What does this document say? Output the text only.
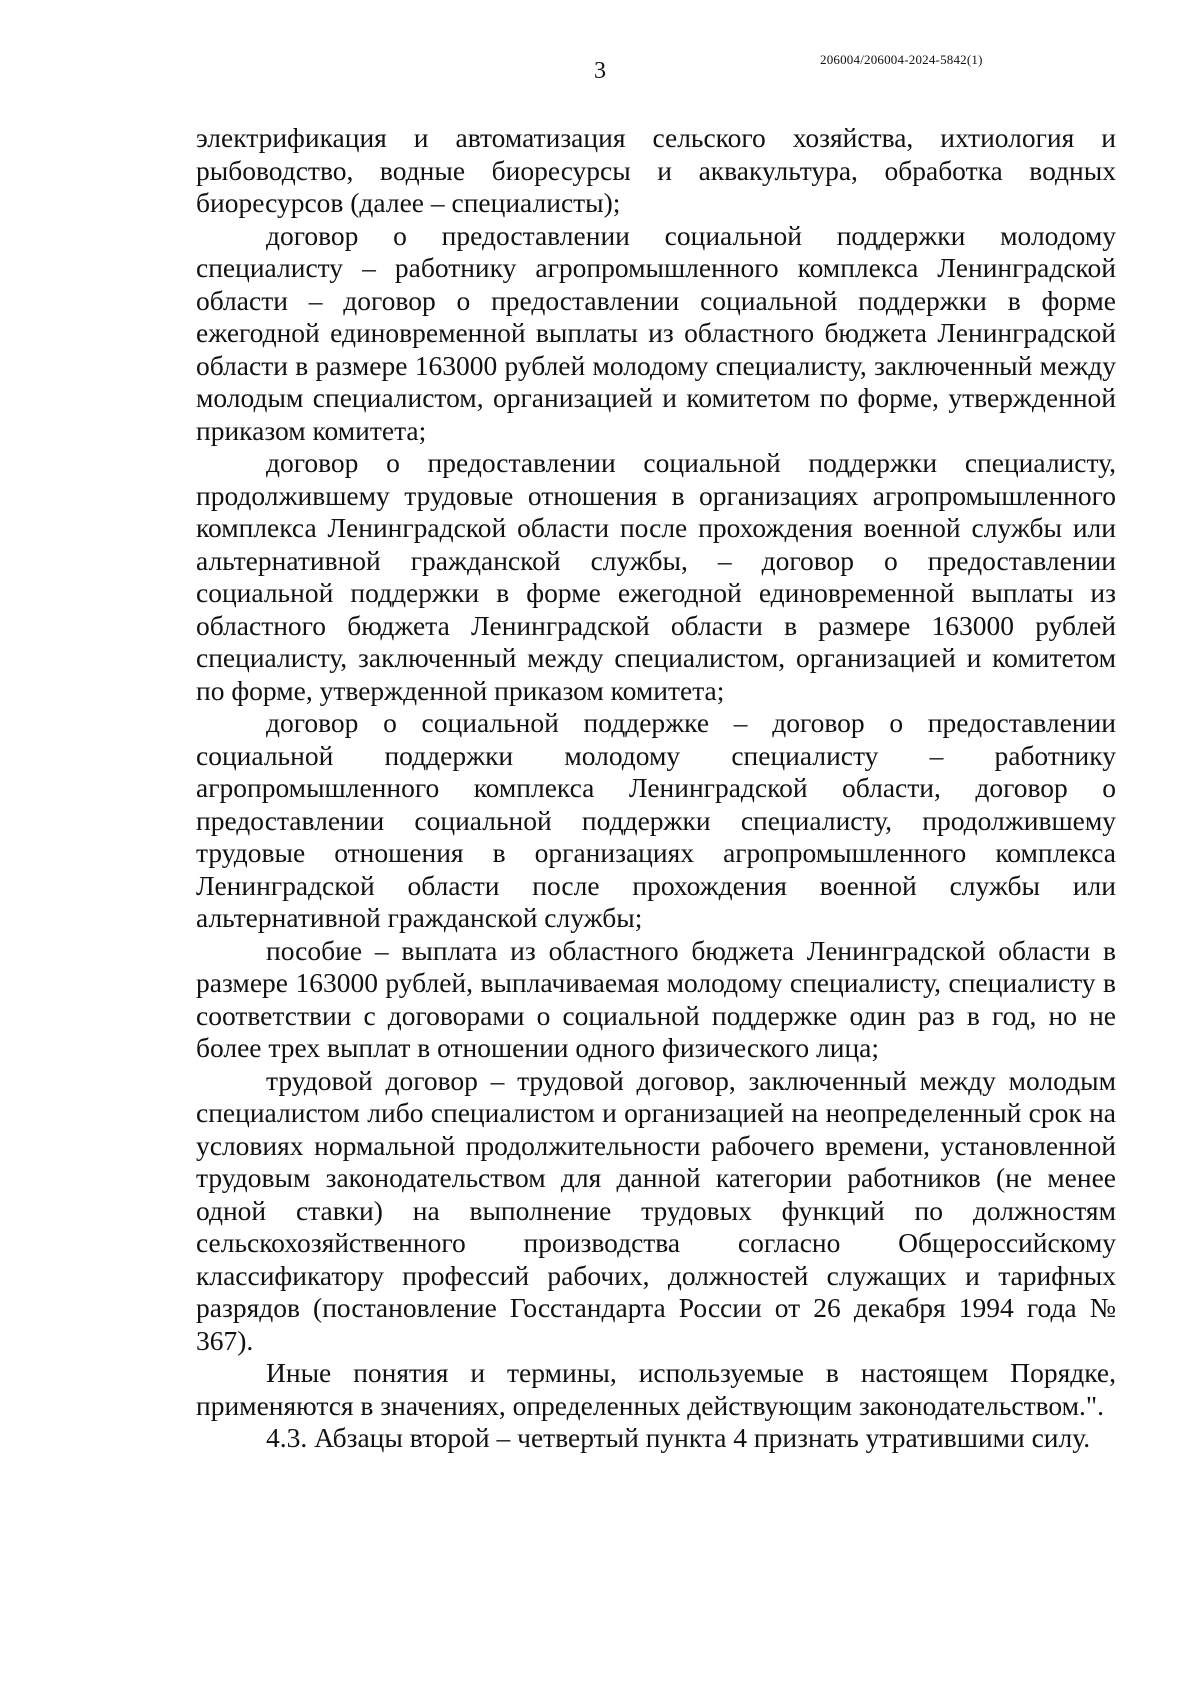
206004/206004-2024-5842(1)
3

электрификация и автоматизация сельского хозяйства, ихтиология и рыбоводство, водные биоресурсы и аквакультура, обработка водных биоресурсов (далее – специалисты);

договор о предоставлении социальной поддержки молодому специалисту – работнику агропромышленного комплекса Ленинградской области – договор о предоставлении социальной поддержки в форме ежегодной единовременной выплаты из областного бюджета Ленинградской области в размере 163000 рублей молодому специалисту, заключенный между молодым специалистом, организацией и комитетом по форме, утвержденной приказом комитета;

договор о предоставлении социальной поддержки специалисту, продолжившему трудовые отношения в организациях агропромышленного комплекса Ленинградской области после прохождения военной службы или альтернативной гражданской службы, – договор о предоставлении социальной поддержки в форме ежегодной единовременной выплаты из областного бюджета Ленинградской области в размере 163000 рублей специалисту, заключенный между специалистом, организацией и комитетом по форме, утвержденной приказом комитета;

договор о социальной поддержке – договор о предоставлении социальной поддержки молодому специалисту – работнику агропромышленного комплекса Ленинградской области, договор о предоставлении социальной поддержки специалисту, продолжившему трудовые отношения в организациях агропромышленного комплекса Ленинградской области после прохождения военной службы или альтернативной гражданской службы;

пособие – выплата из областного бюджета Ленинградской области в размере 163000 рублей, выплачиваемая молодому специалисту, специалисту в соответствии с договорами о социальной поддержке один раз в год, но не более трех выплат в отношении одного физического лица;

трудовой договор – трудовой договор, заключенный между молодым специалистом либо специалистом и организацией на неопределенный срок на условиях нормальной продолжительности рабочего времени, установленной трудовым законодательством для данной категории работников (не менее одной ставки) на выполнение трудовых функций по должностям сельскохозяйственного производства согласно Общероссийскому классификатору профессий рабочих, должностей служащих и тарифных разрядов (постановление Госстандарта России от 26 декабря 1994 года № 367).

Иные понятия и термины, используемые в настоящем Порядке, применяются в значениях, определенных действующим законодательством.".

4.3. Абзацы второй – четвертый пункта 4 признать утратившими силу.
